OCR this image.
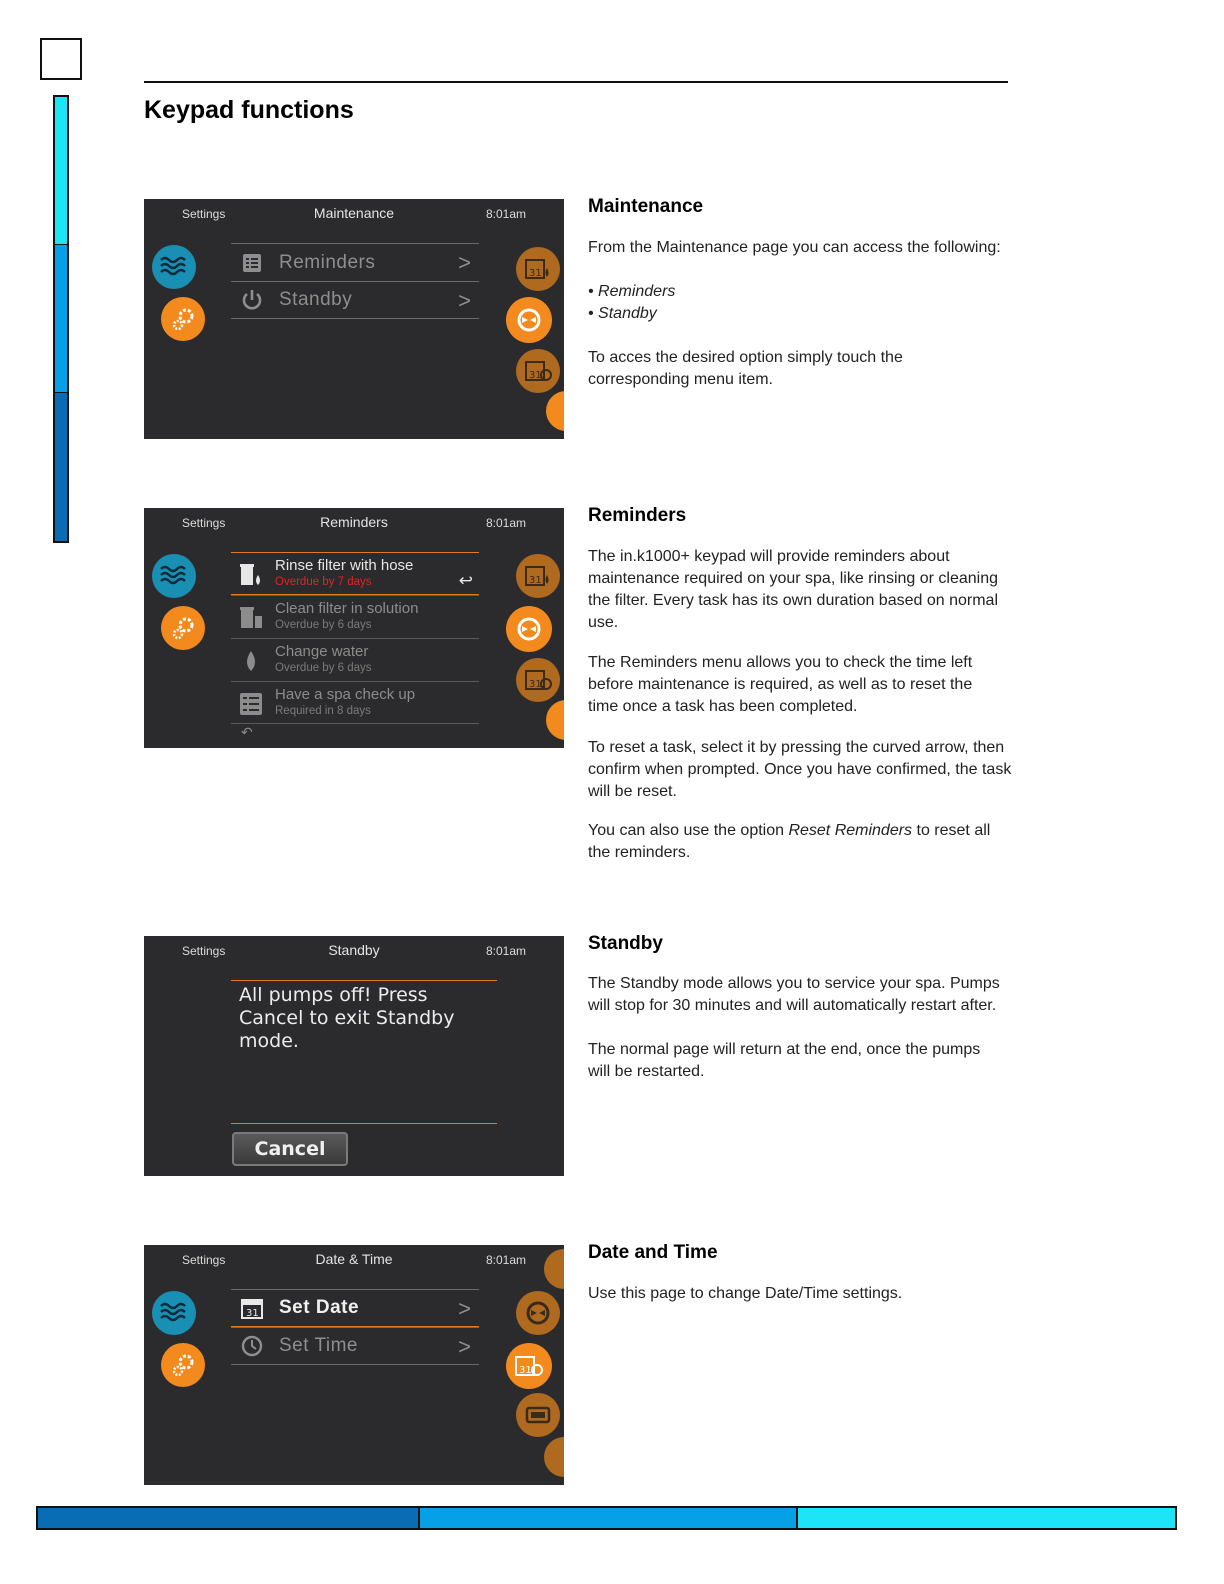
Keypad functions
Settings	Maintenance	8:01am
Reminders	>
Standby	>
31
31
Maintenance
From the Maintenance page you can access the following:
• Reminders
• Standby
To acces the desired option simply touch the corresponding menu item.
Settings	Reminders	8:01am
Rinse filter with hose
Overdue by 7 days	↩
Clean filter in solution
Overdue by 6 days
Change water
Overdue by 6 days
Have a spa check up
Required in 8 days
↶
31
31
Reminders
The in.k1000+ keypad will provide reminders about maintenance required on your spa, like rinsing or cleaning the filter. Every task has its own duration based on normal use.
The Reminders menu allows you to check the time left before maintenance is required, as well as to reset the time once a task has been completed.
To reset a task, select it by pressing the curved arrow, then confirm when prompted. Once you have confirmed, the task will be reset.
You can also use the option Reset Reminders to reset all the reminders.
Settings	Standby	8:01am
All pumps off! Press Cancel to exit Standby mode.
Cancel
Standby
The Standby mode allows you to service your spa. Pumps will stop for 30 minutes and will automatically restart after.
The normal page will return at the end, once the pumps will be restarted.
Settings	Date & Time	8:01am
31 Set Date	>
Set Time	>
31
Date and Time
Use this page to change Date/Time settings.
